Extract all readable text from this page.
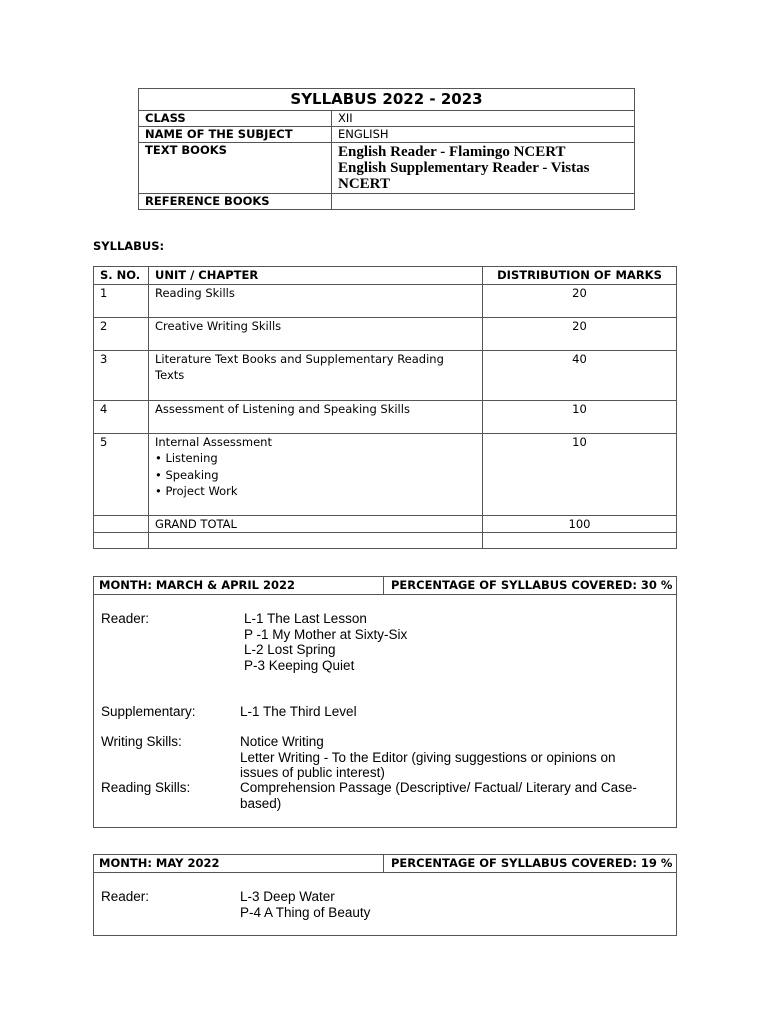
SYLLABUS 2022 - 2023	
CLASS	XII
NAME OF THE SUBJECT	ENGLISH
TEXT BOOKS	English Reader - Flamingo NCERT
English Supplementary Reader - Vistas
NCERT

REFERENCE BOOKS	
SYLLABUS:
S. NO.	UNIT / CHAPTER	DISTRIBUTION OF MARKS
1	Reading Skills	20
2	Creative Writing Skills	20
3	Literature Text Books and Supplementary Reading
Texts	40
4	Assessment of Listening and Speaking Skills	10
5	Internal Assessment
• Listening
• Speaking
• Project Work	10
	GRAND TOTAL	100

MONTH: MARCH & APRIL 2022	PERCENTAGE OF SYLLABUS COVERED: 30 %
Reader:	L-1 The Last Lesson
P -1 My Mother at Sixty-Six
L-2 Lost Spring
P-3 Keeping Quiet
Supplementary:	L-1 The Third Level
Writing Skills:	Notice Writing
Letter Writing - To the Editor (giving suggestions or opinions on
issues of public interest)
Reading Skills:	Comprehension Passage (Descriptive/ Factual/ Literary and Case-
based)
MONTH: MAY 2022	PERCENTAGE OF SYLLABUS COVERED: 19 %
Reader:	L-3 Deep Water
P-4 A Thing of Beauty
